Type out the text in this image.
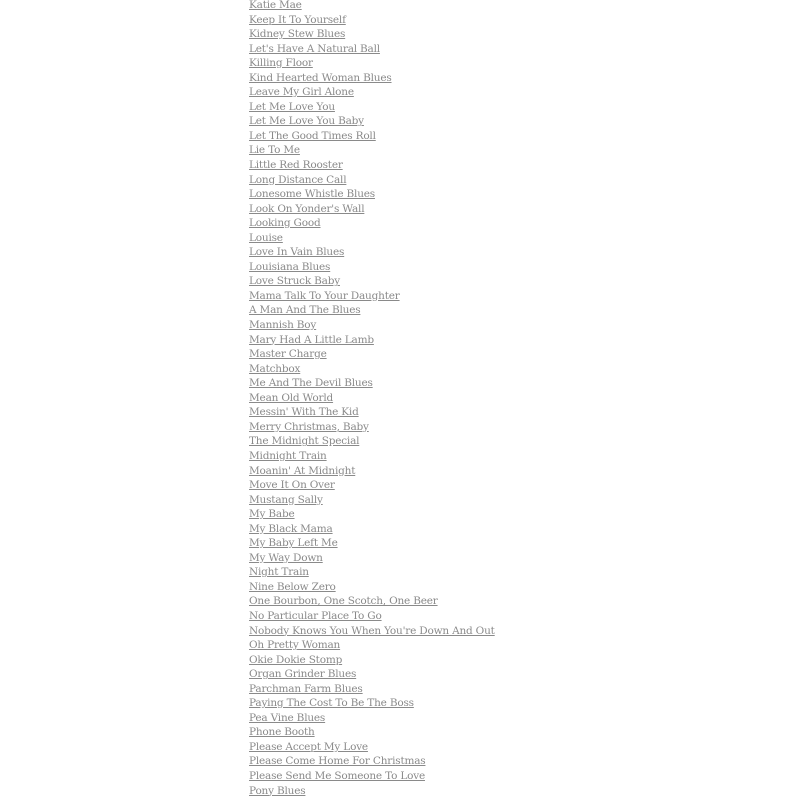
Katie Mae
Keep It To Yourself
Kidney Stew Blues
Let's Have A Natural Ball
Killing Floor
Kind Hearted Woman Blues
Leave My Girl Alone
Let Me Love You
Let Me Love You Baby
Let The Good Times Roll
Lie To Me
Little Red Rooster
Long Distance Call
Lonesome Whistle Blues
Look On Yonder's Wall
Looking Good
Louise
Love In Vain Blues
Louisiana Blues
Love Struck Baby
Mama Talk To Your Daughter
A Man And The Blues
Mannish Boy
Mary Had A Little Lamb
Master Charge
Matchbox
Me And The Devil Blues
Mean Old World
Messin' With The Kid
Merry Christmas, Baby
The Midnight Special
Midnight Train
Moanin' At Midnight
Move It On Over
Mustang Sally
My Babe
My Black Mama
My Baby Left Me
My Way Down
Night Train
Nine Below Zero
One Bourbon, One Scotch, One Beer
No Particular Place To Go
Nobody Knows You When You're Down And Out
Oh Pretty Woman
Okie Dokie Stomp
Organ Grinder Blues
Parchman Farm Blues
Paying The Cost To Be The Boss
Pea Vine Blues
Phone Booth
Please Accept My Love
Please Come Home For Christmas
Please Send Me Someone To Love
Pony Blues
